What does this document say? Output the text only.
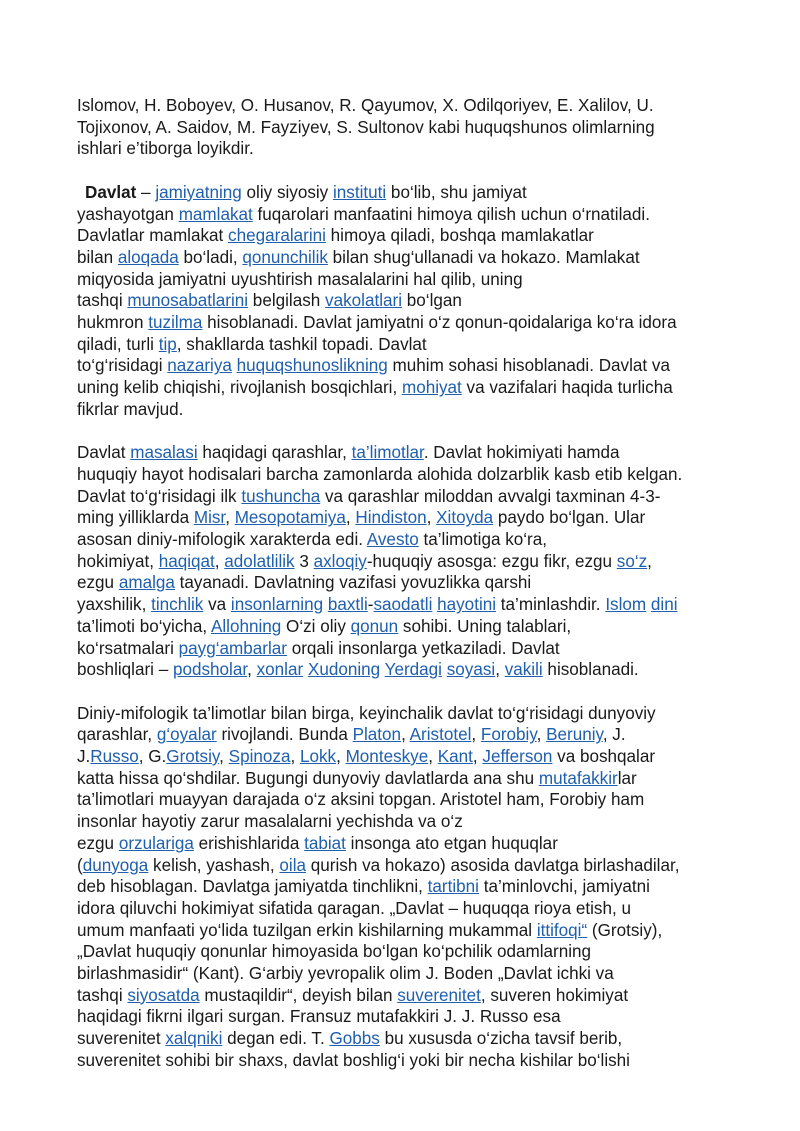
Islomov, H. Boboyev, O. Husanov, R. Qayumov, X. Odilqoriyev, E. Xalilov, U.
Tojixonov, A. Saidov, M. Fayziyev, S. Sultonov kabi huquqshunos olimlarning
ishlari e’tiborga loyikdir.

Davlat – jamiyatning oliy siyosiy instituti bo‘lib, shu jamiyat
yashayotgan mamlakat fuqarolari manfaatini himoya qilish uchun o‘rnatiladi.
Davlatlar mamlakat chegaralarini himoya qiladi, boshqa mamlakatlar
bilan aloqada bo‘ladi, qonunchilik bilan shug‘ullanadi va hokazo. Mamlakat
miqyosida jamiyatni uyushtirish masalalarini hal qilib, uning
tashqi munosabatlarini belgilash vakolatlari bo‘lgan
hukmron tuzilma hisoblanadi. Davlat jamiyatni o‘z qonun-qoidalariga ko‘ra idora
qiladi, turli tip, shakllarda tashkil topadi. Davlat
to‘g‘risidagi nazariya huquqshunoslikning muhim sohasi hisoblanadi. Davlat va
uning kelib chiqishi, rivojlanish bosqichlari, mohiyat va vazifalari haqida turlicha
fikrlar mavjud.

Davlat masalasi haqidagi qarashlar, ta’limotlar. Davlat hokimiyati hamda
huquqiy hayot hodisalari barcha zamonlarda alohida dolzarblik kasb etib kelgan.
Davlat to‘g‘risidagi ilk tushuncha va qarashlar miloddan avvalgi taxminan 4-3-
ming yilliklarda Misr, Mesopotamiya, Hindiston, Xitoyda paydo bo‘lgan. Ular
asosan diniy-mifologik xarakterda edi. Avesto ta’limotiga ko‘ra,
hokimiyat, haqiqat, adolatlilik 3 axloqiy-huquqiy asosga: ezgu fikr, ezgu so‘z,
ezgu amalga tayanadi. Davlatning vazifasi yovuzlikka qarshi
yaxshilik, tinchlik va insonlarning baxtli-saodatli hayotini ta’minlashdir. Islom dini
ta’limoti bo‘yicha, Allohning O‘zi oliy qonun sohibi. Uning talablari,
ko‘rsatmalari payg‘ambarlar orqali insonlarga yetkaziladi. Davlat
boshliqlari – podsholar, xonlar Xudoning Yerdagi soyasi, vakili hisoblanadi.

Diniy-mifologik ta’limotlar bilan birga, keyinchalik davlat to‘g‘risidagi dunyoviy
qarashlar, g‘oyalar rivojlandi. Bunda Platon, Aristotel, Forobiy, Beruniy, J.
J.Russo, G.Grotsiy, Spinoza, Lokk, Monteskye, Kant, Jefferson va boshqalar
katta hissa qo‘shdilar. Bugungi dunyoviy davlatlarda ana shu mutafakkirlar
ta’limotlari muayyan darajada o‘z aksini topgan. Aristotel ham, Forobiy ham
insonlar hayotiy zarur masalalarni yechishda va o‘z
ezgu orzulariga erishishlarida tabiat insonga ato etgan huquqlar
(dunyoga kelish, yashash, oila qurish va hokazo) asosida davlatga birlashadilar,
deb hisoblagan. Davlatga jamiyatda tinchlikni, tartibni ta’minlovchi, jamiyatni
idora qiluvchi hokimiyat sifatida qaragan. „Davlat – huquqqa rioya etish, u
umum manfaati yo‘lida tuzilgan erkin kishilarning mukammal ittifoqi“ (Grotsiy),
„Davlat huquqiy qonunlar himoyasida bo‘lgan ko‘pchilik odamlarning
birlashmasidir“ (Kant). G‘arbiy yevropalik olim J. Boden „Davlat ichki va
tashqi siyosatda mustaqildir“, deyish bilan suverenitet, suveren hokimiyat
haqidagi fikrni ilgari surgan. Fransuz mutafakkiri J. J. Russo esa
suverenitet xalqniki degan edi. T. Gobbs bu xususda o‘zicha tavsif berib,
suverenitet sohibi bir shaxs, davlat boshlig‘i yoki bir necha kishilar bo‘lishi
